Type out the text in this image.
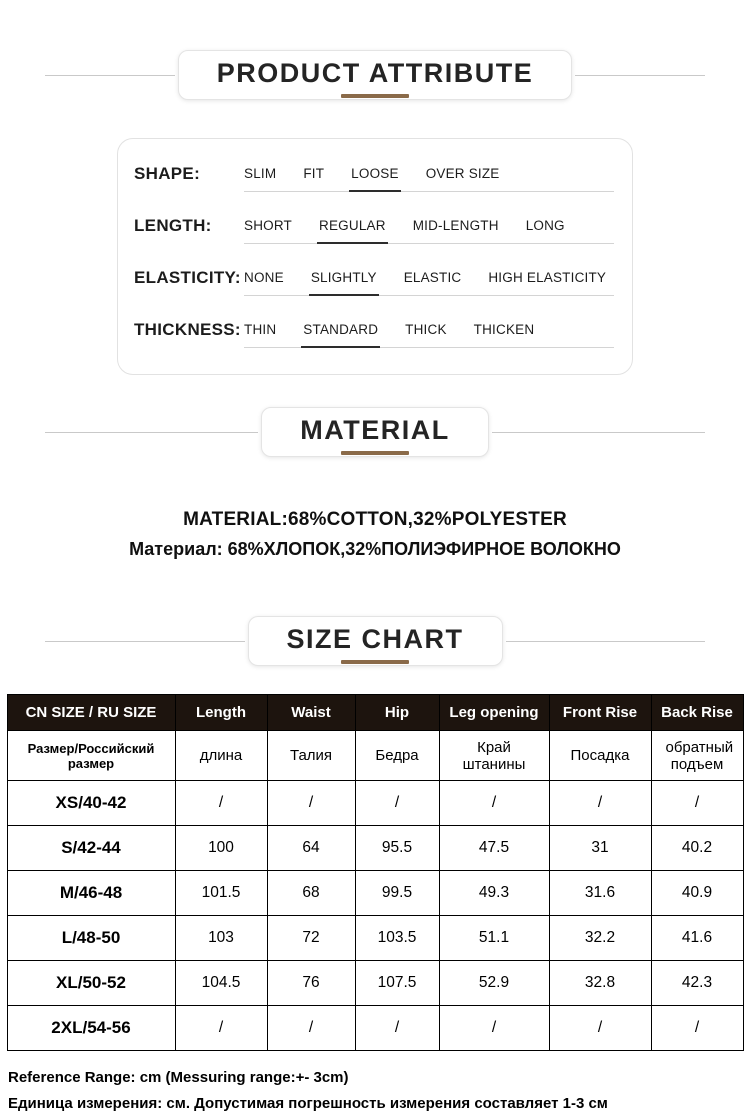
PRODUCT ATTRIBUTE
SHAPE:	SLIM FIT LOOSE OVER SIZE
LENGTH:	SHORT REGULAR MID-LENGTH LONG
ELASTICITY: NONE SLIGHTLY ELASTIC HIGH ELASTICITY
THICKNESS: THIN STANDARD THICK THICKEN
MATERIAL
MATERIAL:68%COTTON,32%POLYESTER
Материал: 68%ХЛОПОК,32%ПОЛИЭФИРНОЕ ВОЛОКНО
SIZE CHART
CN SIZE / RU SIZE	Length	Waist	Hip	Leg opening	Front Rise	Back Rise
Размер/Российский размер	длина	Талия	Бедра	Край штанины	Посадка	обратный подъем
XS/40-42	/	/	/	/	/	/
S/42-44	100	64	95.5	47.5	31	40.2
M/46-48	101.5	68	99.5	49.3	31.6	40.9
L/48-50	103	72	103.5	51.1	32.2	41.6
XL/50-52	104.5	76	107.5	52.9	32.8	42.3
2XL/54-56	/	/	/	/	/	/
Reference Range: cm (Messuring range:+- 3cm)
Единица измерения: см. Допустимая погрешность измерения составляет 1-3 см
